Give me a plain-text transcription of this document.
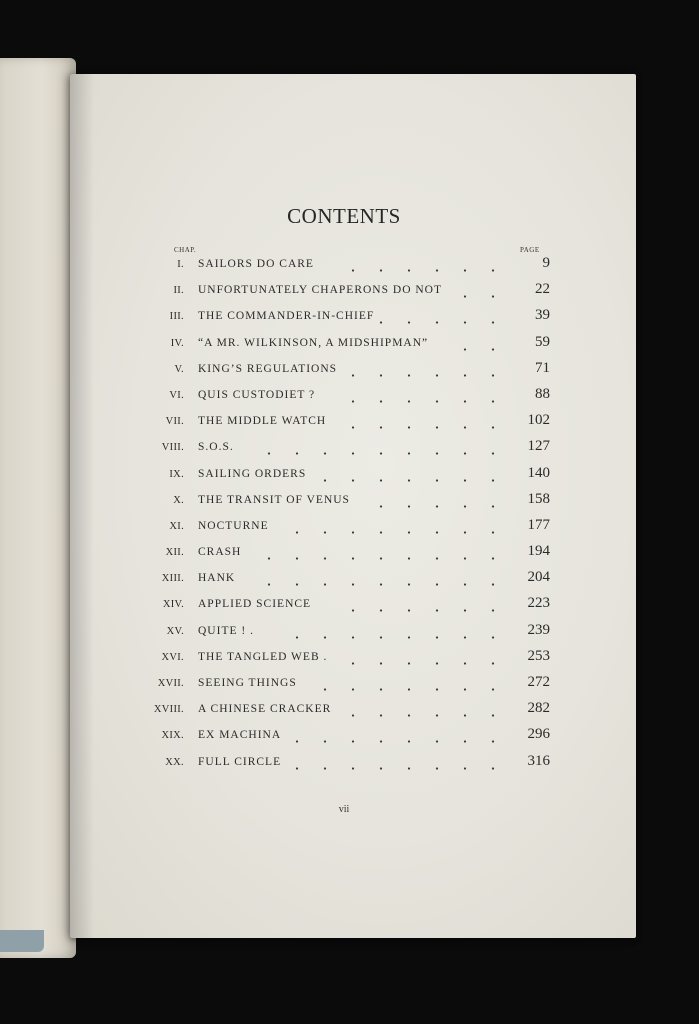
CONTENTS
CHAP.	PAGE
I. SAILORS DO CARE	9
II. UNFORTUNATELY CHAPERONS DO NOT	22
III. THE COMMANDER-IN-CHIEF	39
IV. “A MR. WILKINSON, A MIDSHIPMAN”	59
V. KING’S REGULATIONS	71
VI. QUIS CUSTODIET ?	88
VII. THE MIDDLE WATCH	102
VIII. S.O.S.	127
IX. SAILING ORDERS	140
X. THE TRANSIT OF VENUS	158
XI. NOCTURNE	177
XII. CRASH	194
XIII. HANK	204
XIV. APPLIED SCIENCE	223
XV. QUITE ! .	239
XVI. THE TANGLED WEB .	253
XVII. SEEING THINGS	272
XVIII. A CHINESE CRACKER	282
XIX. EX MACHINA	296
XX. FULL CIRCLE	316
vii
